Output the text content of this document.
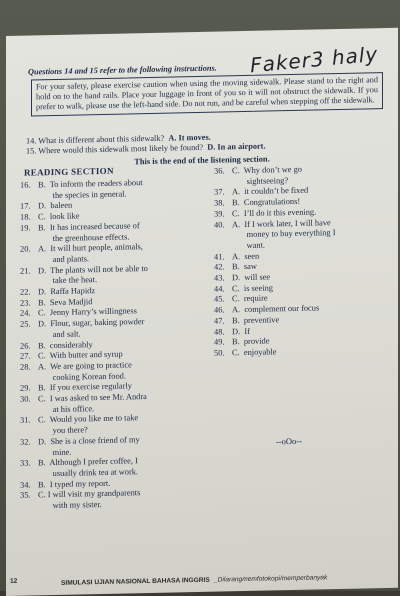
Faker3 haly
Questions 14 and 15 refer to the following instructions.
For your safety, please exercise caution when using the moving sidewalk. Please stand to the right and hold on to the hand rails. Place your luggage in front of you so it will not obstruct the sidewalk. If you prefer to walk, please use the left-hand side. Do not run, and be careful when stepping off the sidewalk.
14. What is different about this sidewalk? A. It moves.
15. Where would this sidewalk most likely be found? D. In an airport.
This is the end of the listening section.
READING SECTION
16. B.  To inform the readers about
the species in general.
17. D.  baleen
18. C.  look like
19. B.  It has increased because of
the greenhouse effects.
20. A.  It will hurt people, animals,
and plants.
21. D.  The plants will not be able to
take the heat.
22. D.  Raffa Hapidz
23. B.  Seva Madjid
24. C.  Jenny Harry’s willingness
25. D.  Flour, sugar, baking powder
and salt.
26. B.  considerably
27. C.  With butter and syrup
28. A.  We are going to practice
cooking Korean food.
29. B.  If you exercise regularly
30. C.  I was asked to see Mr. Andra
at his office.
31. C.  Would you like me to take
you there?
32. D.  She is a close friend of my
mine.
33. B.  Although I prefer coffee, I
usually drink tea at work.
34. B.  I typed my report.
35. C. I will visit my grandparents
with my sister.
36. C.  Why don’t we go
sightseeing?
37. A.  it couldn’t be fixed
38. B.  Congratulations!
39. C.  I’ll do it this evening.
40. A.  If I work later, I will have
money to buy everything I
want.
41. A.  seen
42. B.  saw
43. D.  will see
44. C.  is seeing
45. C.  require
46. A.  complement our focus
47. B.  preventive
48. D.  If
49. B.  provide
50. C.  enjoyable
--oOo--
12	SIMULASI UJIAN NASIONAL BAHASA INGGRIS _Dilarangmemfotokopi/memperbanyak
